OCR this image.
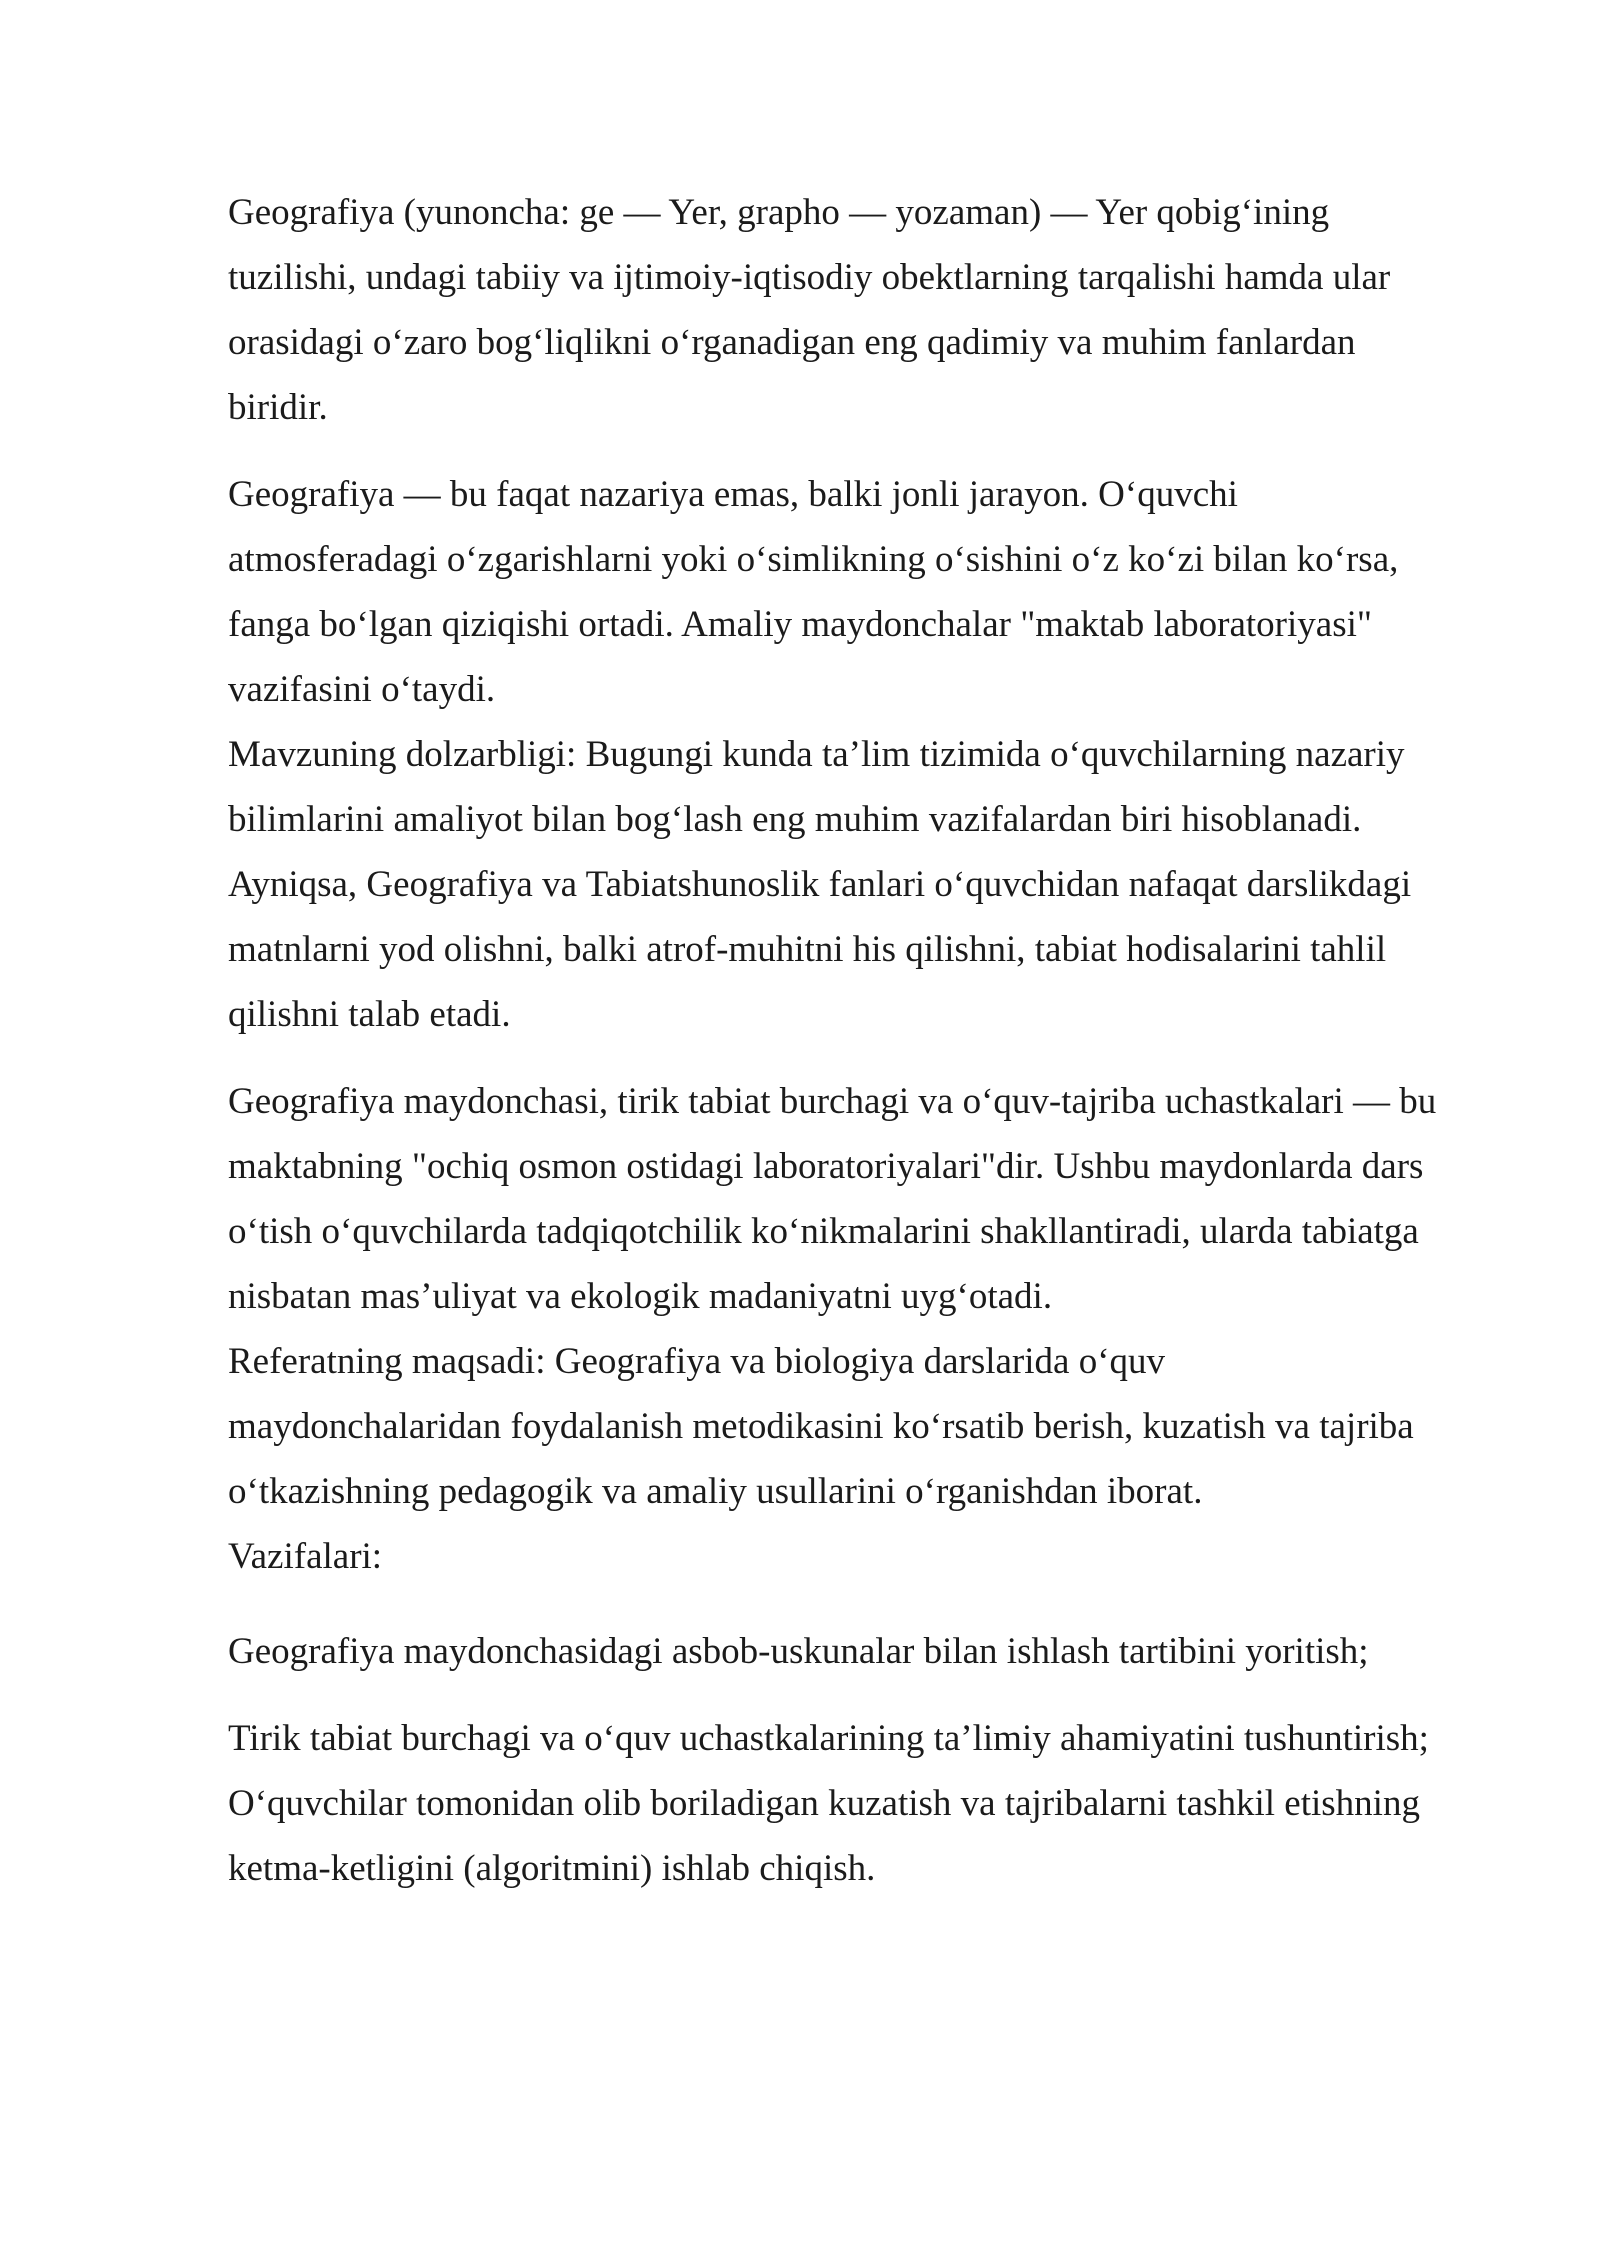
Geografiya (yunoncha: ge — Yer, grapho — yozaman) — Yer qobig‘ining

tuzilishi, undagi tabiiy va ijtimoiy-iqtisodiy obektlarning tarqalishi hamda ular

orasidagi o‘zaro bog‘liqlikni o‘rganadigan eng qadimiy va muhim fanlardan

biridir.

Geografiya — bu faqat nazariya emas, balki jonli jarayon. O‘quvchi

atmosferadagi o‘zgarishlarni yoki o‘simlikning o‘sishini o‘z ko‘zi bilan ko‘rsa,

fanga bo‘lgan qiziqishi ortadi. Amaliy maydonchalar "maktab laboratoriyasi"

vazifasini o‘taydi.

Mavzuning dolzarbligi: Bugungi kunda ta’lim tizimida o‘quvchilarning nazariy

bilimlarini amaliyot bilan bog‘lash eng muhim vazifalardan biri hisoblanadi.

Ayniqsa, Geografiya va Tabiatshunoslik fanlari o‘quvchidan nafaqat darslikdagi

matnlarni yod olishni, balki atrof-muhitni his qilishni, tabiat hodisalarini tahlil

qilishni talab etadi.

Geografiya maydonchasi, tirik tabiat burchagi va o‘quv-tajriba uchastkalari — bu

maktabning "ochiq osmon ostidagi laboratoriyalari"dir. Ushbu maydonlarda dars

o‘tish o‘quvchilarda tadqiqotchilik ko‘nikmalarini shakllantiradi, ularda tabiatga

nisbatan mas’uliyat va ekologik madaniyatni uyg‘otadi.

Referatning maqsadi: Geografiya va biologiya darslarida o‘quv

maydonchalaridan foydalanish metodikasini ko‘rsatib berish, kuzatish va tajriba

o‘tkazishning pedagogik va amaliy usullarini o‘rganishdan iborat.

Vazifalari:

Geografiya maydonchasidagi asbob-uskunalar bilan ishlash tartibini yoritish;

Tirik tabiat burchagi va o‘quv uchastkalarining ta’limiy ahamiyatini tushuntirish;

O‘quvchilar tomonidan olib boriladigan kuzatish va tajribalarni tashkil etishning

ketma-ketligini (algoritmini) ishlab chiqish.
